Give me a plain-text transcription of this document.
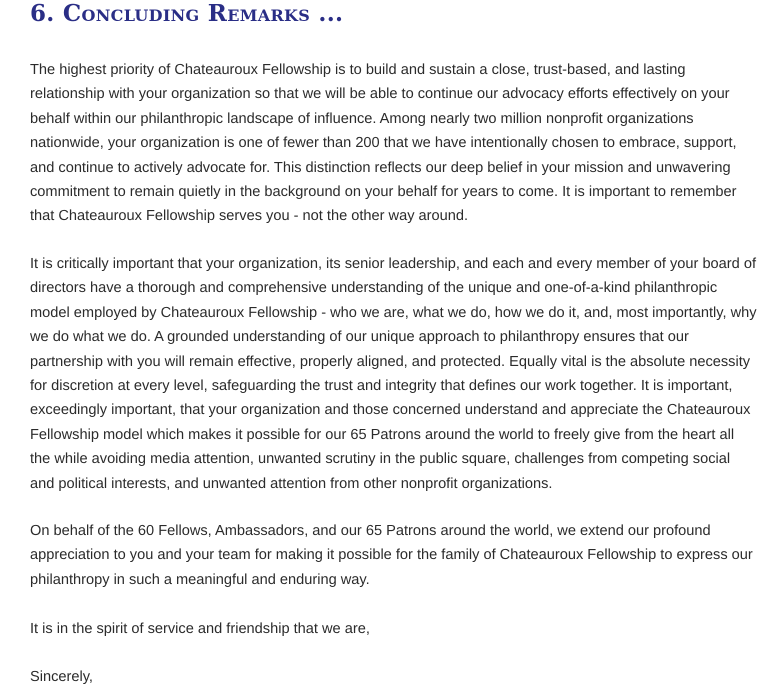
6. Concluding Remarks ...

The highest priority of Chateauroux Fellowship is to build and sustain a close, trust-based, and lasting relationship with your organization so that we will be able to continue our advocacy efforts effectively on your behalf within our philanthropic landscape of influence. Among nearly two million nonprofit organizations nationwide, your organization is one of fewer than 200 that we have intentionally chosen to embrace, support, and continue to actively advocate for. This distinction reflects our deep belief in your mission and unwavering commitment to remain quietly in the background on your behalf for years to come. It is important to remember that Chateauroux Fellowship serves you - not the other way around.

It is critically important that your organization, its senior leadership, and each and every member of your board of directors have a thorough and comprehensive understanding of the unique and one-of-a-kind philanthropic model employed by Chateauroux Fellowship - who we are, what we do, how we do it, and, most importantly, why we do what we do. A grounded understanding of our unique approach to philanthropy ensures that our partnership with you will remain effective, properly aligned, and protected. Equally vital is the absolute necessity for discretion at every level, safeguarding the trust and integrity that defines our work together. It is important, exceedingly important, that your organization and those concerned understand and appreciate the Chateauroux Fellowship model which makes it possible for our 65 Patrons around the world to freely give from the heart all the while avoiding media attention, unwanted scrutiny in the public square, challenges from competing social and political interests, and unwanted attention from other nonprofit organizations.

On behalf of the 60 Fellows, Ambassadors, and our 65 Patrons around the world, we extend our profound appreciation to you and your team for making it possible for the family of Chateauroux Fellowship to express our philanthropy in such a meaningful and enduring way.

It is in the spirit of service and friendship that we are,

Sincerely,
